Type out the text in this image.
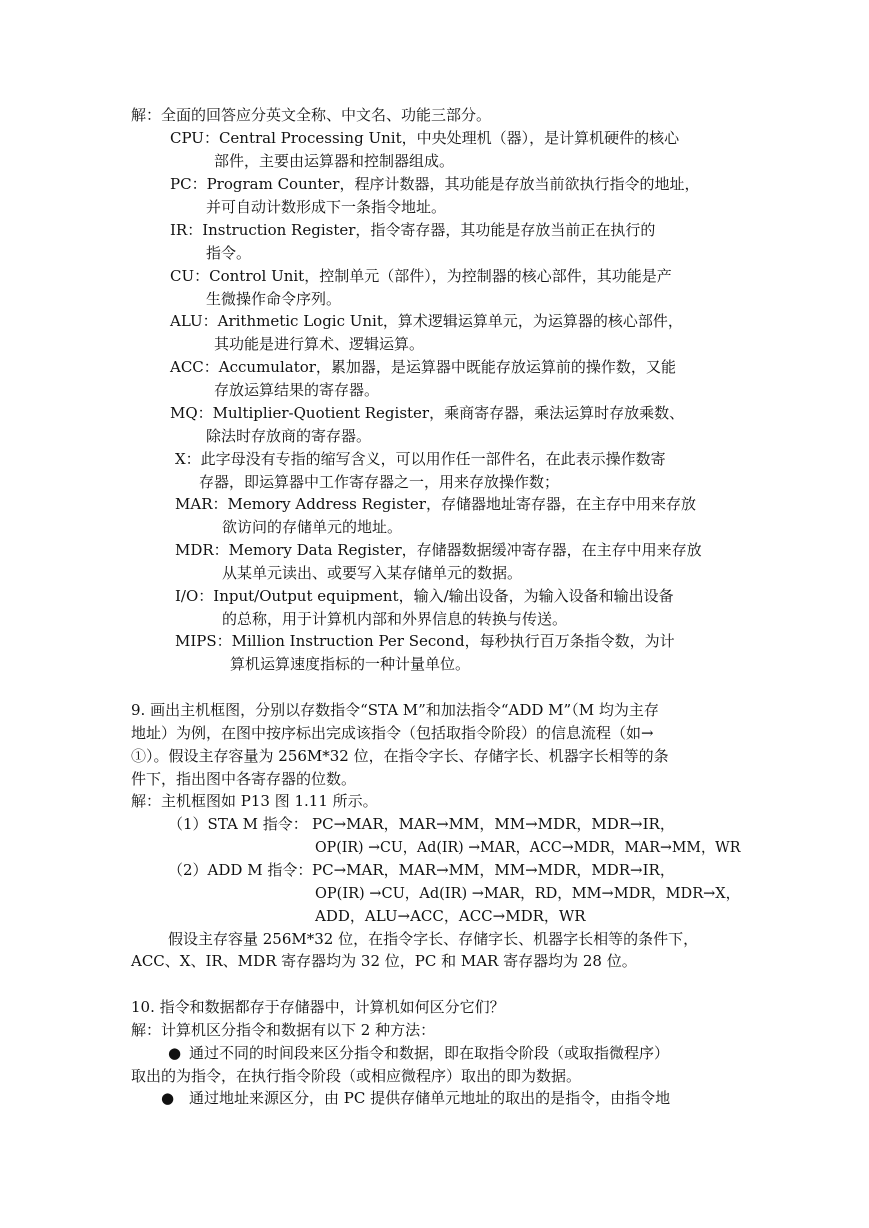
解：全面的回答应分英文全称、中文名、功能三部分。
CPU：Central Processing Unit，中央处理机（器），是计算机硬件的核心
部件，主要由运算器和控制器组成。
PC：Program Counter，程序计数器，其功能是存放当前欲执行指令的地址，
并可自动计数形成下一条指令地址。
IR：Instruction Register，指令寄存器，其功能是存放当前正在执行的
指令。
CU：Control Unit，控制单元（部件），为控制器的核心部件，其功能是产
生微操作命令序列。
ALU：Arithmetic Logic Unit，算术逻辑运算单元，为运算器的核心部件，
其功能是进行算术、逻辑运算。
ACC：Accumulator，累加器，是运算器中既能存放运算前的操作数，又能
存放运算结果的寄存器。
MQ：Multiplier-Quotient Register，乘商寄存器，乘法运算时存放乘数、
除法时存放商的寄存器。
X：此字母没有专指的缩写含义，可以用作任一部件名，在此表示操作数寄
存器，即运算器中工作寄存器之一，用来存放操作数；
MAR：Memory Address Register，存储器地址寄存器，在主存中用来存放
欲访问的存储单元的地址。
MDR：Memory Data Register，存储器数据缓冲寄存器，在主存中用来存放
从某单元读出、或要写入某存储单元的数据。
I/O：Input/Output equipment，输入/输出设备，为输入设备和输出设备
的总称，用于计算机内部和外界信息的转换与传送。
MIPS：Million Instruction Per Second，每秒执行百万条指令数，为计
算机运算速度指标的一种计量单位。
9. 画出主机框图，分别以存数指令“STA M”和加法指令“ADD M”（M 均为主存
地址）为例，在图中按序标出完成该指令（包括取指令阶段）的信息流程（如→
①）。假设主存容量为 256M*32 位，在指令字长、存储字长、机器字长相等的条
件下，指出图中各寄存器的位数。
解：主机框图如 P13 图 1.11 所示。
（1）STA M 指令： PC→MAR，MAR→MM，MM→MDR，MDR→IR，
OP(IR) →CU，Ad(IR) →MAR，ACC→MDR，MAR→MM，WR
（2）ADD M 指令： PC→MAR，MAR→MM，MM→MDR，MDR→IR，
OP(IR) →CU，Ad(IR) →MAR，RD，MM→MDR，MDR→X，
ADD，ALU→ACC，ACC→MDR，WR
假设主存容量 256M*32 位，在指令字长、存储字长、机器字长相等的条件下，
ACC、X、IR、MDR 寄存器均为 32 位，PC 和 MAR 寄存器均为 28 位。
10. 指令和数据都存于存储器中，计算机如何区分它们？
解：计算机区分指令和数据有以下 2 种方法：
● 通过不同的时间段来区分指令和数据，即在取指令阶段（或取指微程序）
取出的为指令，在执行指令阶段（或相应微程序）取出的即为数据。
● 通过地址来源区分，由 PC 提供存储单元地址的取出的是指令，由指令地
